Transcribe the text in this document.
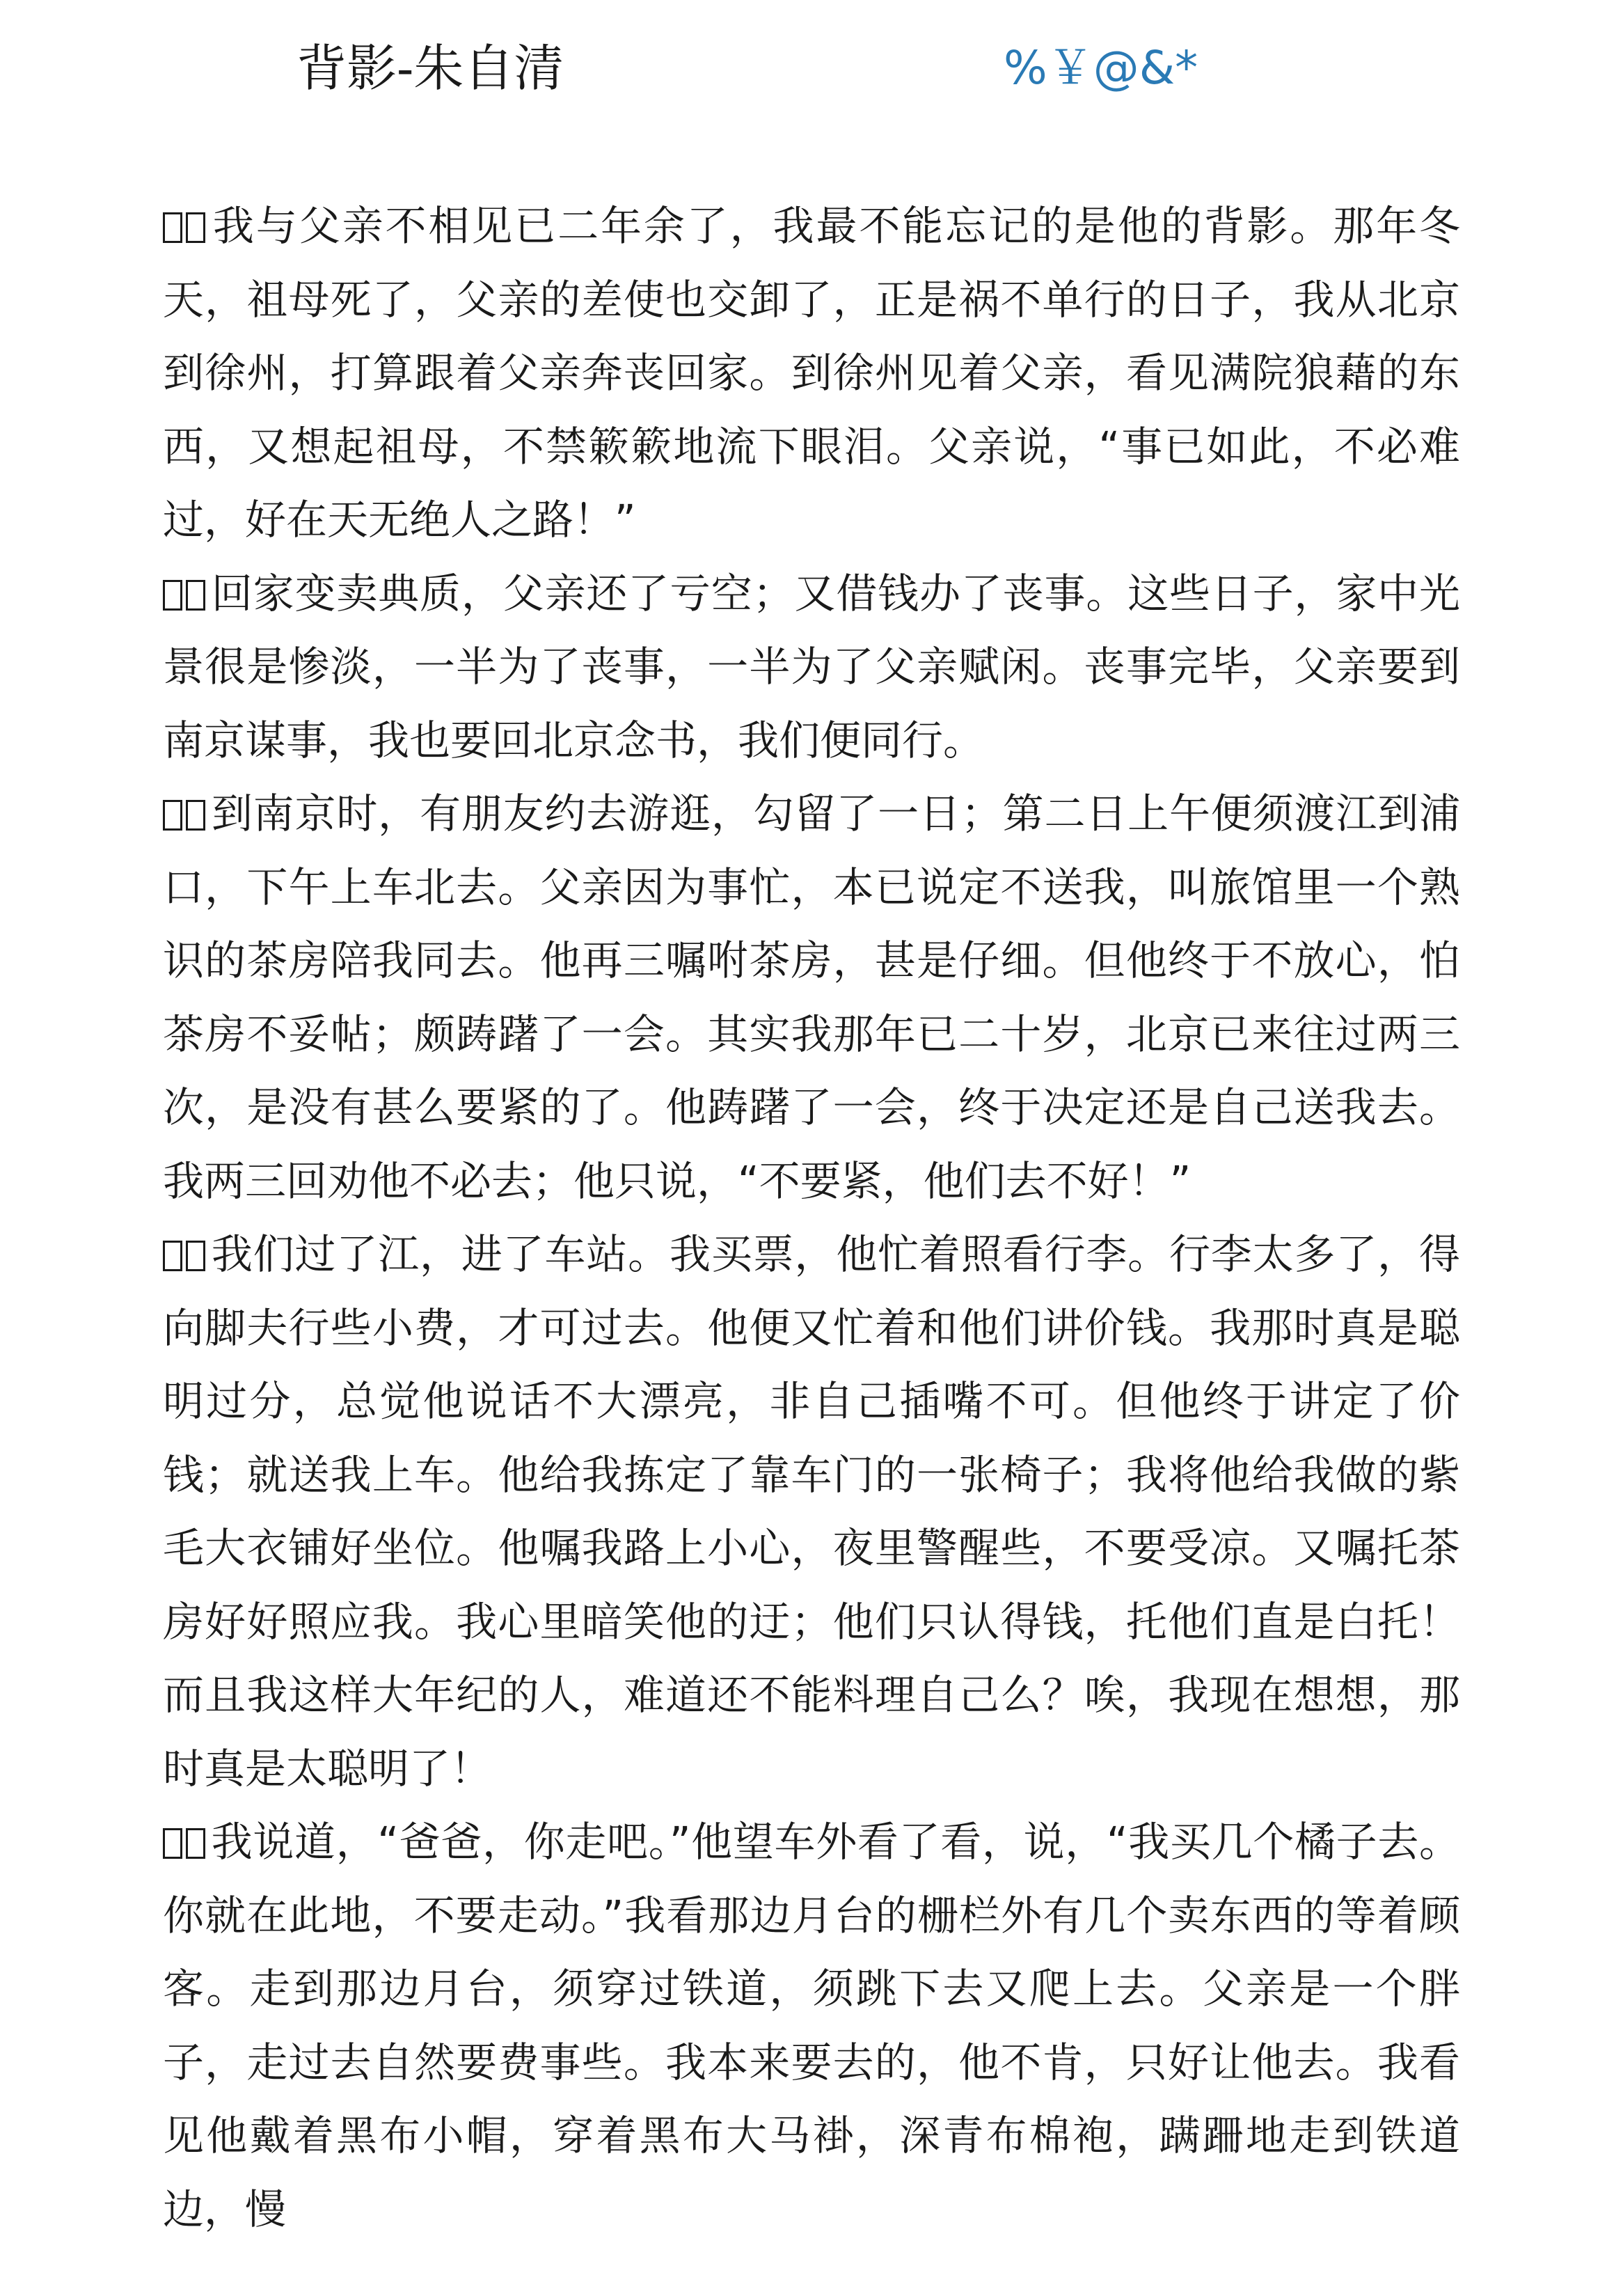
背影-朱自清	%￥@&*

我与父亲不相见已二年余了，我最不能忘记的是他的背影。那年冬天，祖母死了，父亲的差使也交卸了，正是祸不单行的日子，我从北京到徐州，打算跟着父亲奔丧回家。到徐州见着父亲，看见满院狼藉的东西，又想起祖母，不禁簌簌地流下眼泪。父亲说，“事已如此，不必难过，好在天无绝人之路！”

回家变卖典质，父亲还了亏空；又借钱办了丧事。这些日子，家中光景很是惨淡，一半为了丧事，一半为了父亲赋闲。丧事完毕，父亲要到南京谋事，我也要回北京念书，我们便同行。

到南京时，有朋友约去游逛，勾留了一日；第二日上午便须渡江到浦口，下午上车北去。父亲因为事忙，本已说定不送我，叫旅馆里一个熟识的茶房陪我同去。他再三嘱咐茶房，甚是仔细。但他终于不放心，怕茶房不妥帖；颇踌躇了一会。其实我那年已二十岁，北京已来往过两三次，是没有甚么要紧的了。他踌躇了一会，终于决定还是自己送我去。我两三回劝他不必去；他只说，“不要紧，他们去不好！”

我们过了江，进了车站。我买票，他忙着照看行李。行李太多了，得向脚夫行些小费，才可过去。他便又忙着和他们讲价钱。我那时真是聪明过分，总觉他说话不大漂亮，非自己插嘴不可。但他终于讲定了价钱；就送我上车。他给我拣定了靠车门的一张椅子；我将他给我做的紫毛大衣铺好坐位。他嘱我路上小心，夜里警醒些，不要受凉。又嘱托茶房好好照应我。我心里暗笑他的迂；他们只认得钱，托他们直是白托！而且我这样大年纪的人，难道还不能料理自己么？唉，我现在想想，那时真是太聪明了！

我说道，“爸爸，你走吧。”他望车外看了看，说，“我买几个橘子去。你就在此地，不要走动。”我看那边月台的栅栏外有几个卖东西的等着顾客。走到那边月台，须穿过铁道，须跳下去又爬上去。父亲是一个胖子，走过去自然要费事些。我本来要去的，他不肯，只好让他去。我看见他戴着黑布小帽，穿着黑布大马褂，深青布棉袍，蹒跚地走到铁道边，慢
